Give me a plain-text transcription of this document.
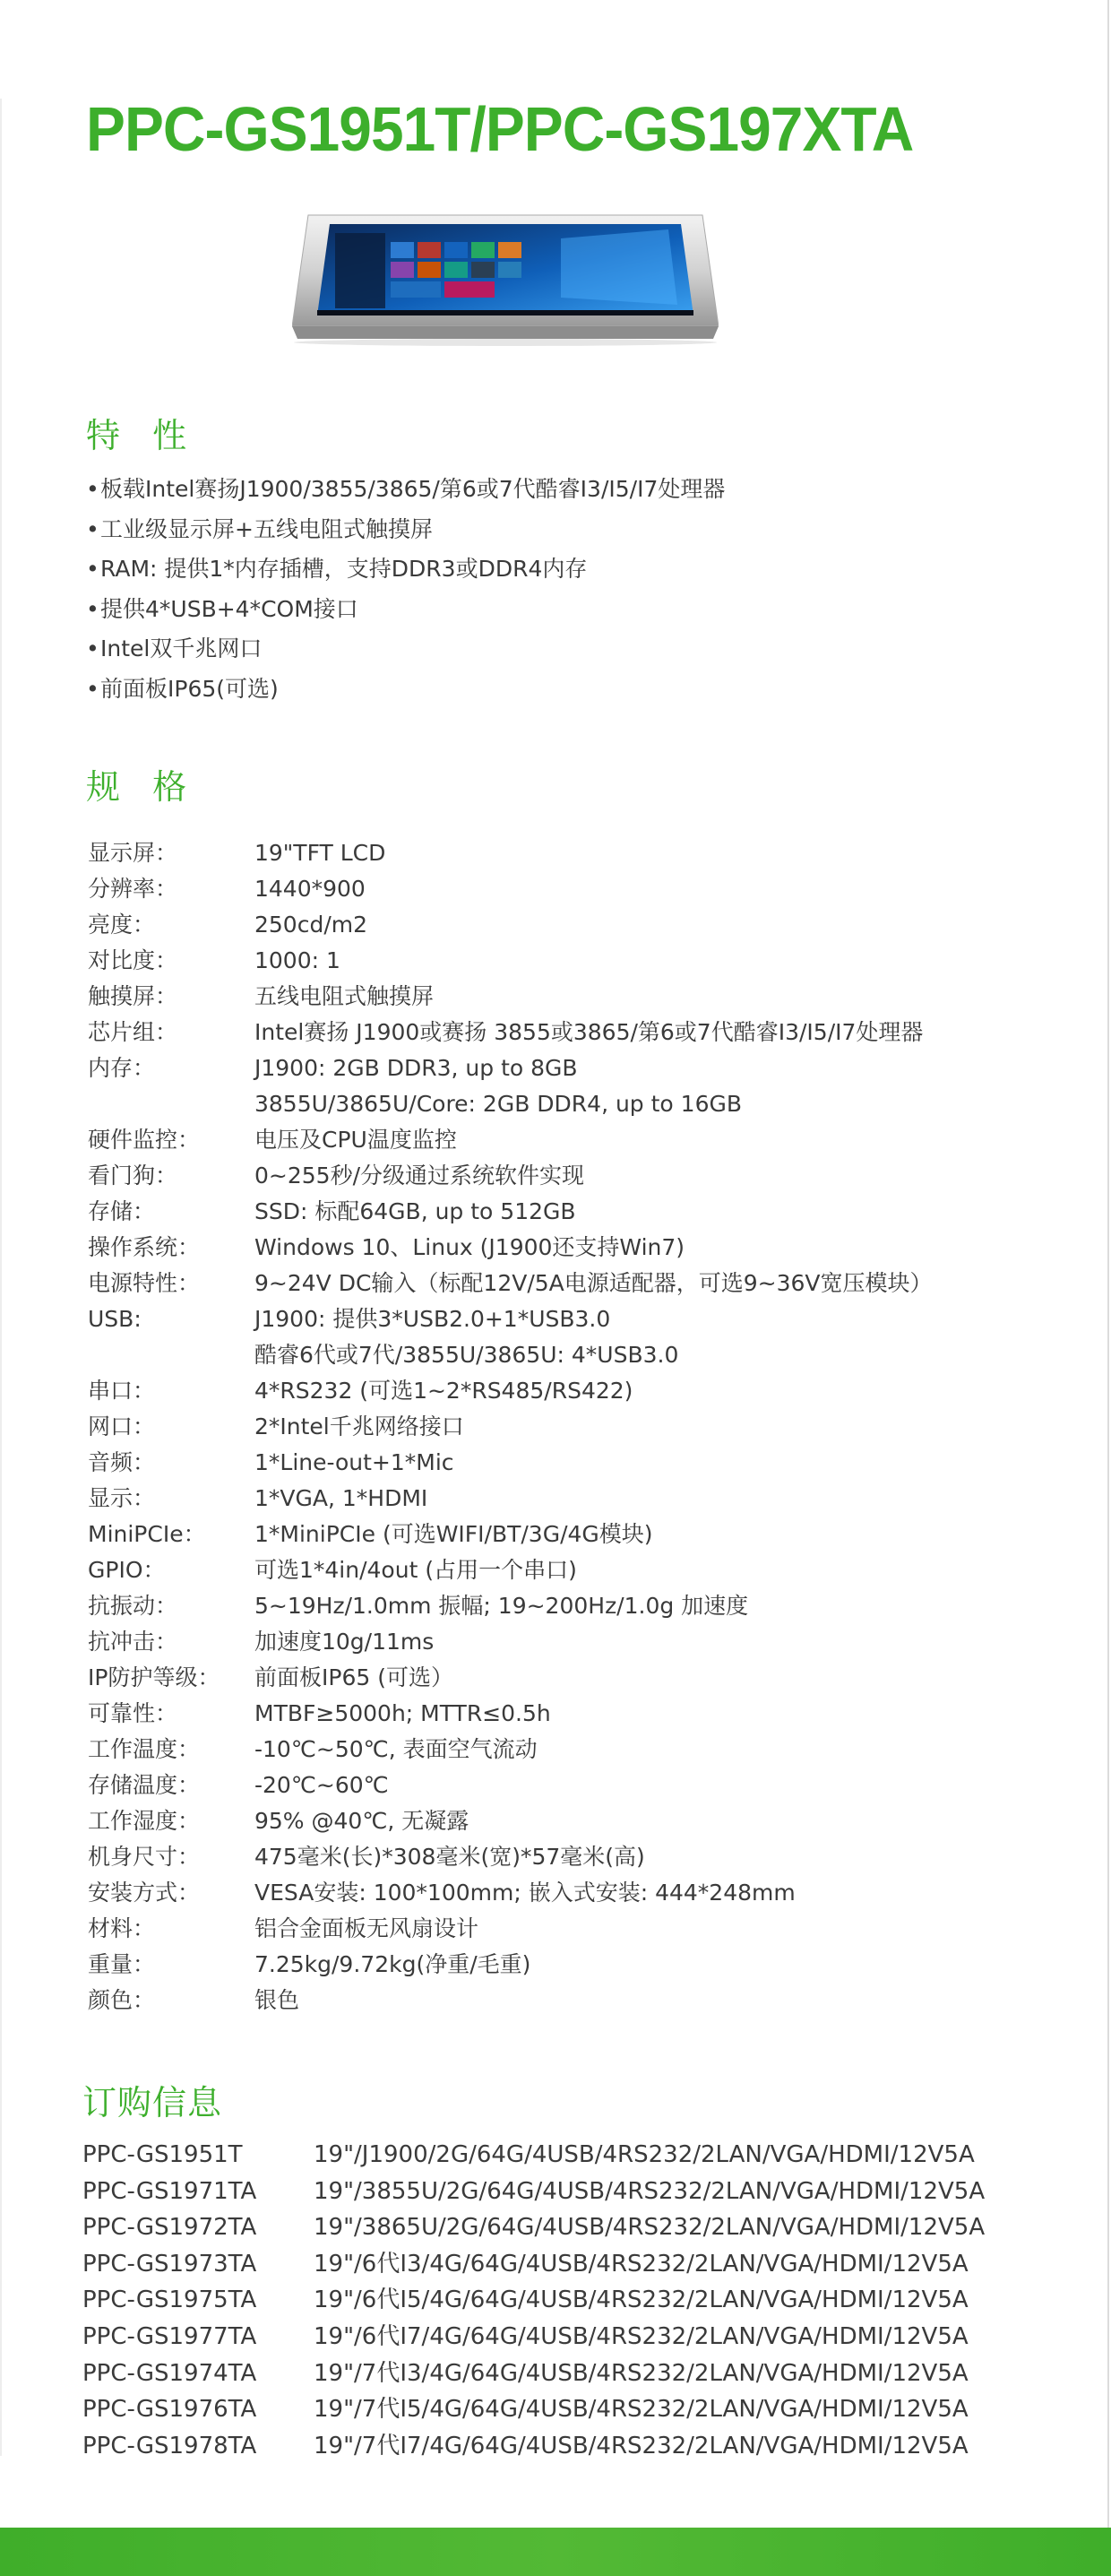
PPC-GS1951T/PPC-GS197XTA
特 性
•板载Intel赛扬J1900/3855/3865/第6或7代酷睿I3/I5/I7处理器
•工业级显示屏+五线电阻式触摸屏
•RAM: 提供1*内存插槽，支持DDR3或DDR4内存
•提供4*USB+4*COM接口
•Intel双千兆网口
•前面板IP65(可选)
规 格
显示屏：	19"TFT LCD
分辨率：	1440*900
亮度：	250cd/m2
对比度：	1000: 1
触摸屏：	五线电阻式触摸屏
芯片组：	Intel赛扬 J1900或赛扬 3855或3865/第6或7代酷睿I3/I5/I7处理器
内存：	J1900: 2GB DDR3, up to 8GB
3855U/3865U/Core: 2GB DDR4, up to 16GB
硬件监控：	电压及CPU温度监控
看门狗：	0~255秒/分级通过系统软件实现
存储：	SSD: 标配64GB, up to 512GB
操作系统：	Windows 10、Linux (J1900还支持Win7)
电源特性：	9~24V DC输入（标配12V/5A电源适配器，可选9~36V宽压模块）
USB:	J1900: 提供3*USB2.0+1*USB3.0
酷睿6代或7代/3855U/3865U: 4*USB3.0
串口：	4*RS232 (可选1~2*RS485/RS422)
网口：	2*Intel千兆网络接口
音频：	1*Line-out+1*Mic
显示：	1*VGA, 1*HDMI
MiniPCIe：	1*MiniPCIe (可选WIFI/BT/3G/4G模块)
GPIO：	可选1*4in/4out (占用一个串口)
抗振动：	5~19Hz/1.0mm 振幅; 19~200Hz/1.0g 加速度
抗冲击：	加速度10g/11ms
IP防护等级：	前面板IP65 (可选）
可靠性：	MTBF≥5000h; MTTR≤0.5h
工作温度：	-10℃~50℃, 表面空气流动
存储温度：	-20℃~60℃
工作湿度：	95% @40℃, 无凝露
机身尺寸：	475毫米(长)*308毫米(宽)*57毫米(高)
安装方式：	VESA安装: 100*100mm; 嵌入式安装: 444*248mm
材料：	铝合金面板无风扇设计
重量：	7.25kg/9.72kg(净重/毛重)
颜色：	银色
订购信息
PPC-GS1951T	19"/J1900/2G/64G/4USB/4RS232/2LAN/VGA/HDMI/12V5A
PPC-GS1971TA	19"/3855U/2G/64G/4USB/4RS232/2LAN/VGA/HDMI/12V5A
PPC-GS1972TA	19"/3865U/2G/64G/4USB/4RS232/2LAN/VGA/HDMI/12V5A
PPC-GS1973TA	19"/6代I3/4G/64G/4USB/4RS232/2LAN/VGA/HDMI/12V5A
PPC-GS1975TA	19"/6代I5/4G/64G/4USB/4RS232/2LAN/VGA/HDMI/12V5A
PPC-GS1977TA	19"/6代I7/4G/64G/4USB/4RS232/2LAN/VGA/HDMI/12V5A
PPC-GS1974TA	19"/7代I3/4G/64G/4USB/4RS232/2LAN/VGA/HDMI/12V5A
PPC-GS1976TA	19"/7代I5/4G/64G/4USB/4RS232/2LAN/VGA/HDMI/12V5A
PPC-GS1978TA	19"/7代I7/4G/64G/4USB/4RS232/2LAN/VGA/HDMI/12V5A
